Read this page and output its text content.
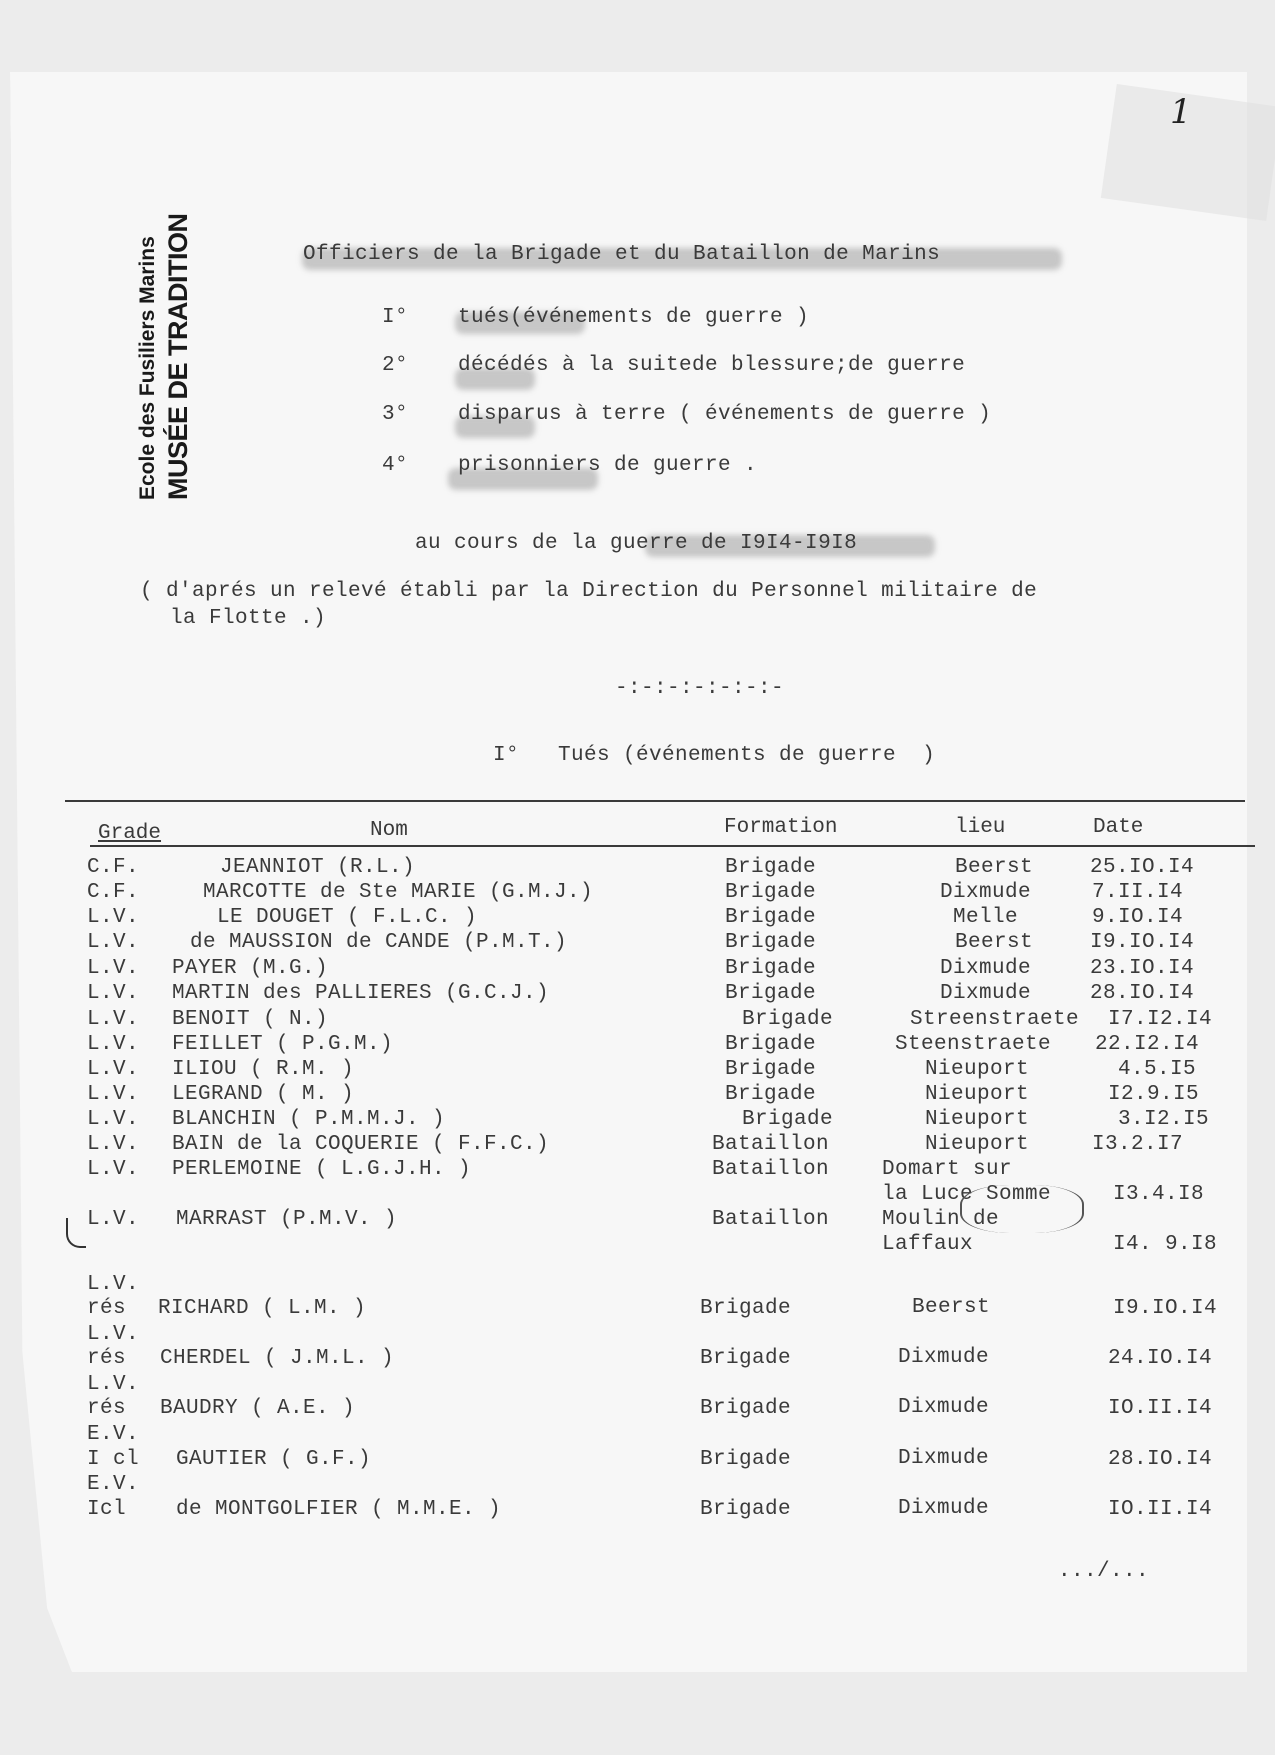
1
Ecole des Fusiliers Marins MUSÉE DE TRADITION	Officiers de la Brigade et du Bataillon de Marins
I° tués(événements de guerre )
2° décédés à la suitede blessure;de guerre
3° disparus à terre ( événements de guerre )
4° prisonniers de guerre .
au cours de la guerre de I9I4-I9I8
( d'aprés un relevé établi par la Direction du Personnel militaire de
la Flotte .)
-:-:-:-:-:-:-
I°   Tués (événements de guerre  )
Grade	Nom	Formation	lieu	Date
C.F.	JEANNIOT (R.L.)	Brigade	Beerst	25.IO.I4
C.F.	MARCOTTE de Ste MARIE (G.M.J.)	Brigade	Dixmude	7.II.I4
L.V.	LE DOUGET ( F.L.C. )	Brigade	Melle	9.IO.I4
L.V. de MAUSSION de CANDE (P.M.T.)	Brigade	Beerst	I9.IO.I4
L.V. PAYER (M.G.)	Brigade	Dixmude	23.IO.I4
L.V. MARTIN des PALLIERES (G.C.J.)	Brigade	Dixmude	28.IO.I4
L.V. BENOIT ( N.)	Brigade	Streenstraete I7.I2.I4
L.V. FEILLET ( P.G.M.)	Brigade	Steenstraete 22.I2.I4
L.V. ILIOU ( R.M. )	Brigade	Nieuport	4.5.I5
L.V. LEGRAND ( M. )	Brigade	Nieuport	I2.9.I5
L.V. BLANCHIN ( P.M.M.J. )	Brigade	Nieuport	3.I2.I5
L.V. BAIN de la COQUERIE ( F.F.C.)	Bataillon	Nieuport	I3.2.I7
L.V. PERLEMOINE ( L.G.J.H. )	Bataillon	Domart sur
la Luce Somme	I3.4.I8
L.V. MARRAST (P.M.V. )	Bataillon	Moulin de
Laffaux	I4. 9.I8
L.V.
rés RICHARD ( L.M. )	Brigade	Beerst	I9.IO.I4
L.V.
rés CHERDEL ( J.M.L. )	Brigade	Dixmude	24.IO.I4
L.V.
rés BAUDRY ( A.E. )	Brigade	Dixmude	IO.II.I4
E.V.
I cl GAUTIER ( G.F.)	Brigade	Dixmude	28.IO.I4
E.V.
Icl de MONTGOLFIER ( M.M.E. )	Brigade	Dixmude	IO.II.I4
.../...
